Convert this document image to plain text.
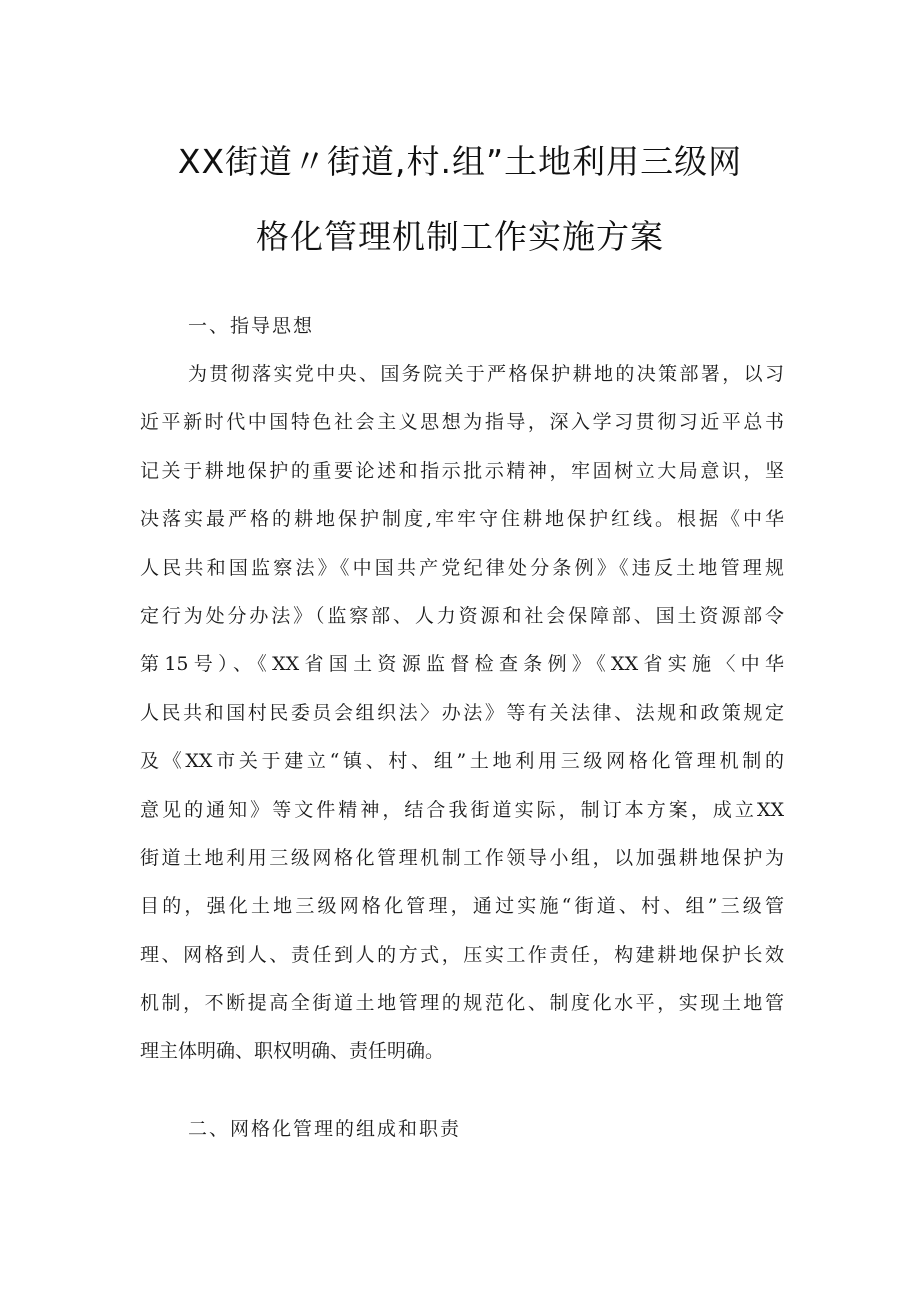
XX街道〃街道,村.组”土地利用三级网
格化管理机制工作实施方案
一、指导思想
为贯彻落实党中央、国务院关于严格保护耕地的决策部署，以习
近平新时代中国特色社会主义思想为指导，深入学习贯彻习近平总书
记关于耕地保护的重要论述和指示批示精神，牢固树立大局意识，坚
决落实最严格的耕地保护制度,牢牢守住耕地保护红线。根据《中华
人民共和国监察法》《中国共产党纪律处分条例》《违反土地管理规
定行为处分办法》（监察部、人力资源和社会保障部、国土资源部令
第15号）、《XX省国土资源监督检查条例》《XX省实施〈中华
人民共和国村民委员会组织法〉办法》等有关法律、法规和政策规定
及《XX市关于建立“镇、村、组”土地利用三级网格化管理机制的
意见的通知》等文件精神，结合我街道实际，制订本方案，成立XX
街道土地利用三级网格化管理机制工作领导小组，以加强耕地保护为
目的，强化土地三级网格化管理，通过实施“街道、村、组”三级管
理、网格到人、责任到人的方式，压实工作责任，构建耕地保护长效
机制，不断提高全街道土地管理的规范化、制度化水平，实现土地管
理主体明确、职权明确、责任明确。
二、网格化管理的组成和职责
